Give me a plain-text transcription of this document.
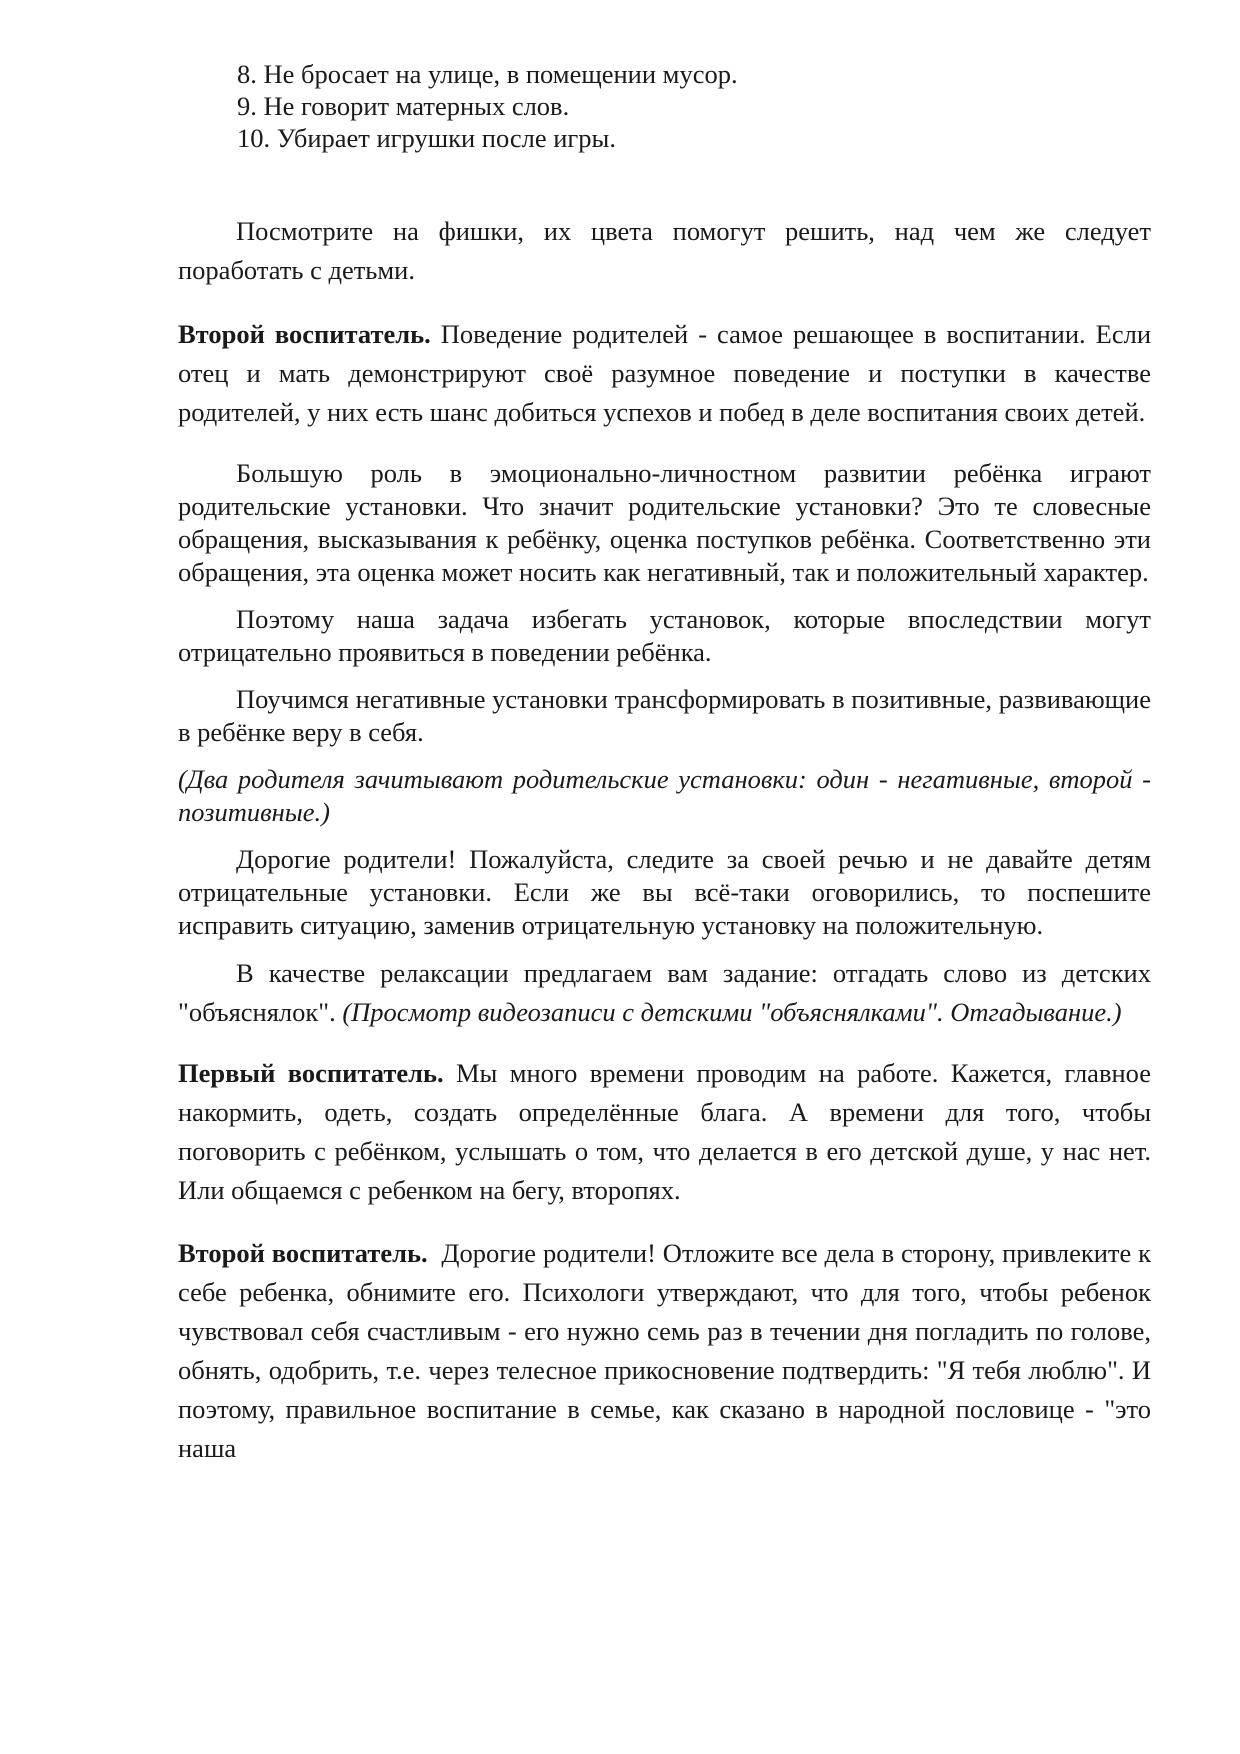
8. Не бросает на улице, в помещении мусор.
9. Не говорит матерных слов.
10. Убирает игрушки после игры.

Посмотрите на фишки, их цвета помогут решить, над чем же следует поработать с детьми.

Второй воспитатель. Поведение родителей - самое решающее в воспитании. Если отец и мать демонстрируют своё разумное поведение и поступки в качестве родителей, у них есть шанс добиться успехов и побед в деле воспитания своих детей.

Большую роль в эмоционально-личностном развитии ребёнка играют родительские установки. Что значит родительские установки? Это те словесные обращения, высказывания к ребёнку, оценка поступков ребёнка. Соответственно эти обращения, эта оценка может носить как негативный, так и положительный характер.

Поэтому наша задача избегать установок, которые впоследствии могут отрицательно проявиться в поведении ребёнка.

Поучимся негативные установки трансформировать в позитивные, развивающие в ребёнке веру в себя.

(Два родителя зачитывают родительские установки: один - негативные, второй - позитивные.)

Дорогие родители! Пожалуйста, следите за своей речью и не давайте детям отрицательные установки. Если же вы всё-таки оговорились, то поспешите исправить ситуацию, заменив отрицательную установку на положительную.

В качестве релаксации предлагаем вам задание: отгадать слово из детских "объяснялок". (Просмотр видеозаписи с детскими "объяснялками". Отгадывание.)

Первый воспитатель. Мы много времени проводим на работе. Кажется, главное накормить, одеть, создать определённые блага. А времени для того, чтобы поговорить с ребёнком, услышать о том, что делается в его детской душе, у нас нет. Или общаемся с ребенком на бегу, второпях.

Второй воспитатель.  Дорогие родители! Отложите все дела в сторону, привлеките к себе ребенка, обнимите его. Психологи утверждают, что для того, чтобы ребенок чувствовал себя счастливым - его нужно семь раз в течении дня погладить по голове, обнять, одобрить, т.е. через телесное прикосновение подтвердить: "Я тебя люблю". И поэтому, правильное воспитание в семье, как сказано в народной пословице - "это наша
